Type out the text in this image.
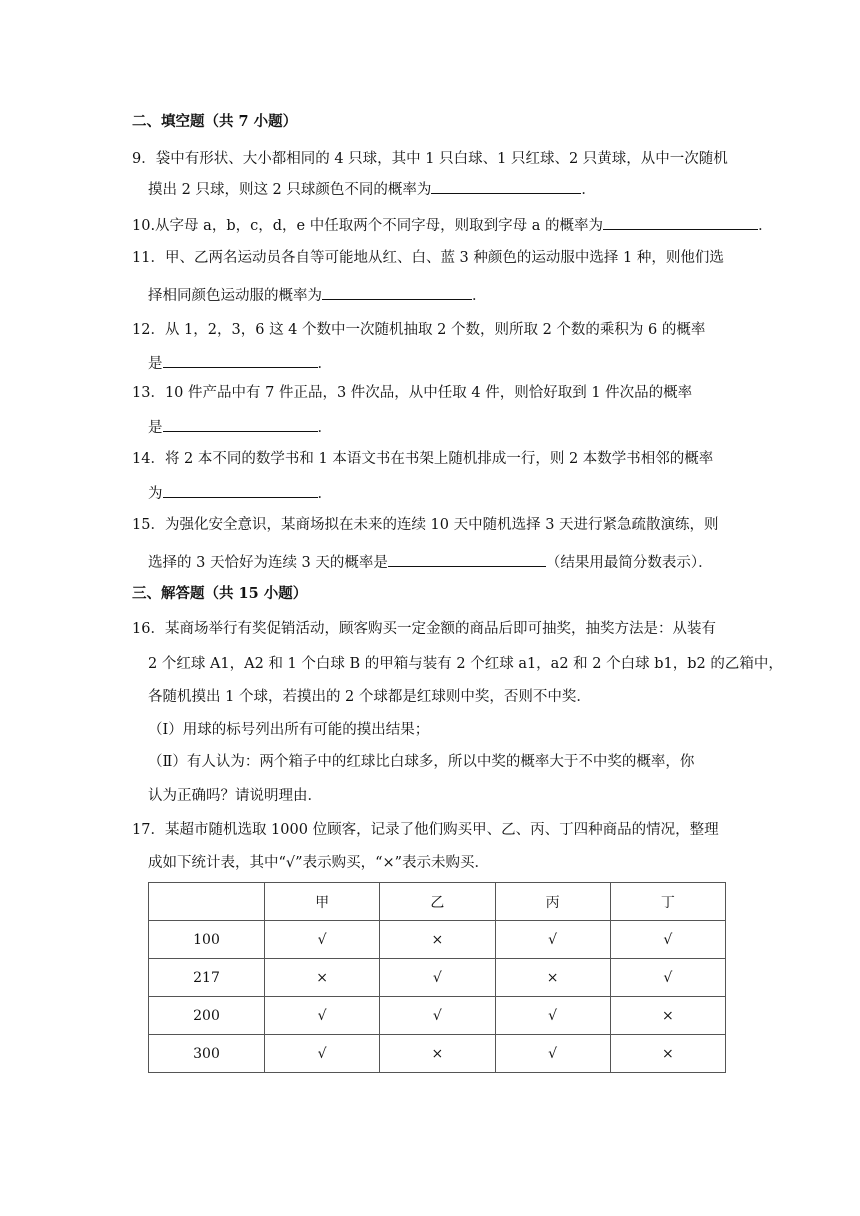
二、填空题（共 7 小题）
9．袋中有形状、大小都相同的 4 只球，其中 1 只白球、1 只红球、2 只黄球，从中一次随机
摸出 2 只球，则这 2 只球颜色不同的概率为	．
10.从字母 a，b，c，d，e 中任取两个不同字母，则取到字母 a 的概率为	．
11．甲、乙两名运动员各自等可能地从红、白、蓝 3 种颜色的运动服中选择 1 种，则他们选
择相同颜色运动服的概率为	．
12．从 1，2，3，6 这 4 个数中一次随机抽取 2 个数，则所取 2 个数的乘积为 6 的概率
是	．
13．10 件产品中有 7 件正品，3 件次品，从中任取 4 件，则恰好取到 1 件次品的概率
是	．
14．将 2 本不同的数学书和 1 本语文书在书架上随机排成一行，则 2 本数学书相邻的概率
为	．
15．为强化安全意识，某商场拟在未来的连续 10 天中随机选择 3 天进行紧急疏散演练，则
选择的 3 天恰好为连续 3 天的概率是	（结果用最简分数表示）．
三、解答题（共 15 小题）
16．某商场举行有奖促销活动，顾客购买一定金额的商品后即可抽奖，抽奖方法是：从装有
2 个红球 A1，A2 和 1 个白球 B 的甲箱与装有 2 个红球 a1，a2 和 2 个白球 b1，b2 的乙箱中，
各随机摸出 1 个球，若摸出的 2 个球都是红球则中奖，否则不中奖．
（Ⅰ）用球的标号列出所有可能的摸出结果；
（Ⅱ）有人认为：两个箱子中的红球比白球多，所以中奖的概率大于不中奖的概率，你
认为正确吗？请说明理由．
17．某超市随机选取 1000 位顾客，记录了他们购买甲、乙、丙、丁四种商品的情况，整理
成如下统计表，其中“√”表示购买，“×”表示未购买．
	甲	乙	丙	丁
100	√	×	√	√
217	×	√	×	√
200	√	√	√	×
300	√	×	√	×
